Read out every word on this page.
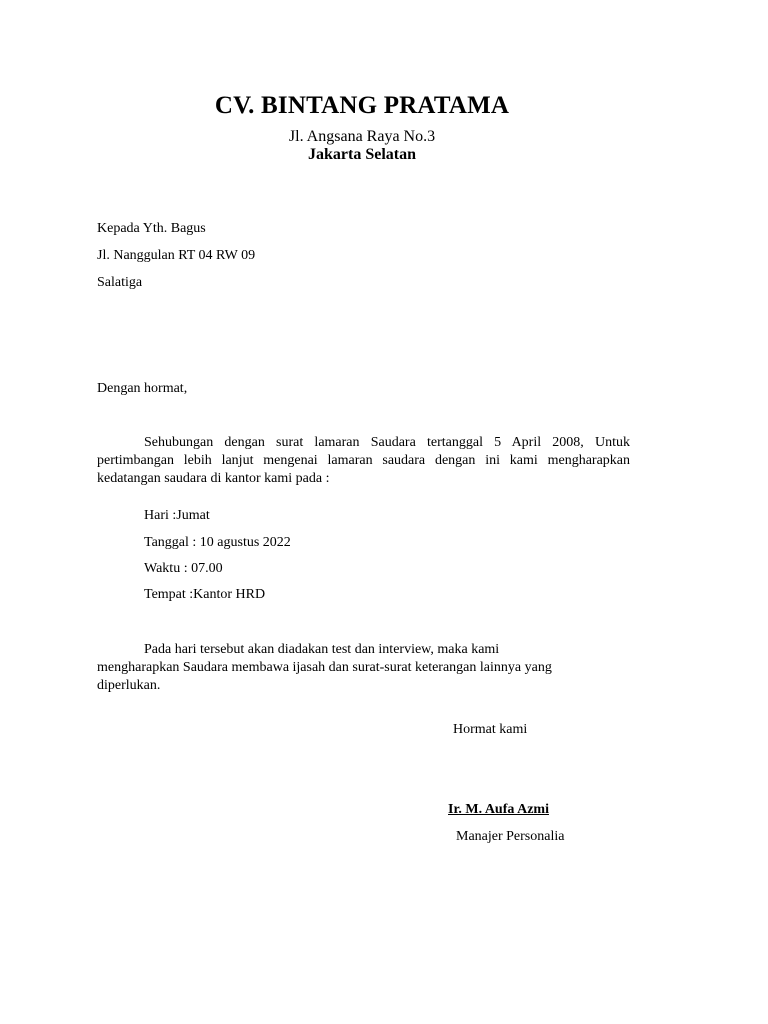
CV. BINTANG PRATAMA
Jl. Angsana Raya No.3
Jakarta Selatan
Kepada Yth. Bagus
Jl. Nanggulan RT 04 RW 09
Salatiga
Dengan hormat,
Sehubungan dengan surat lamaran Saudara tertanggal 5 April 2008, Untuk pertimbangan lebih lanjut mengenai lamaran saudara dengan ini kami mengharapkan kedatangan saudara di kantor kami pada :
Hari :Jumat
Tanggal : 10 agustus 2022
Waktu : 07.00
Tempat :Kantor HRD
Pada hari tersebut akan diadakan test dan interview, maka kami
mengharapkan Saudara membawa ijasah dan surat-surat keterangan lainnya yang
diperlukan.
Hormat kami
Ir. M. Aufa Azmi
Manajer Personalia
